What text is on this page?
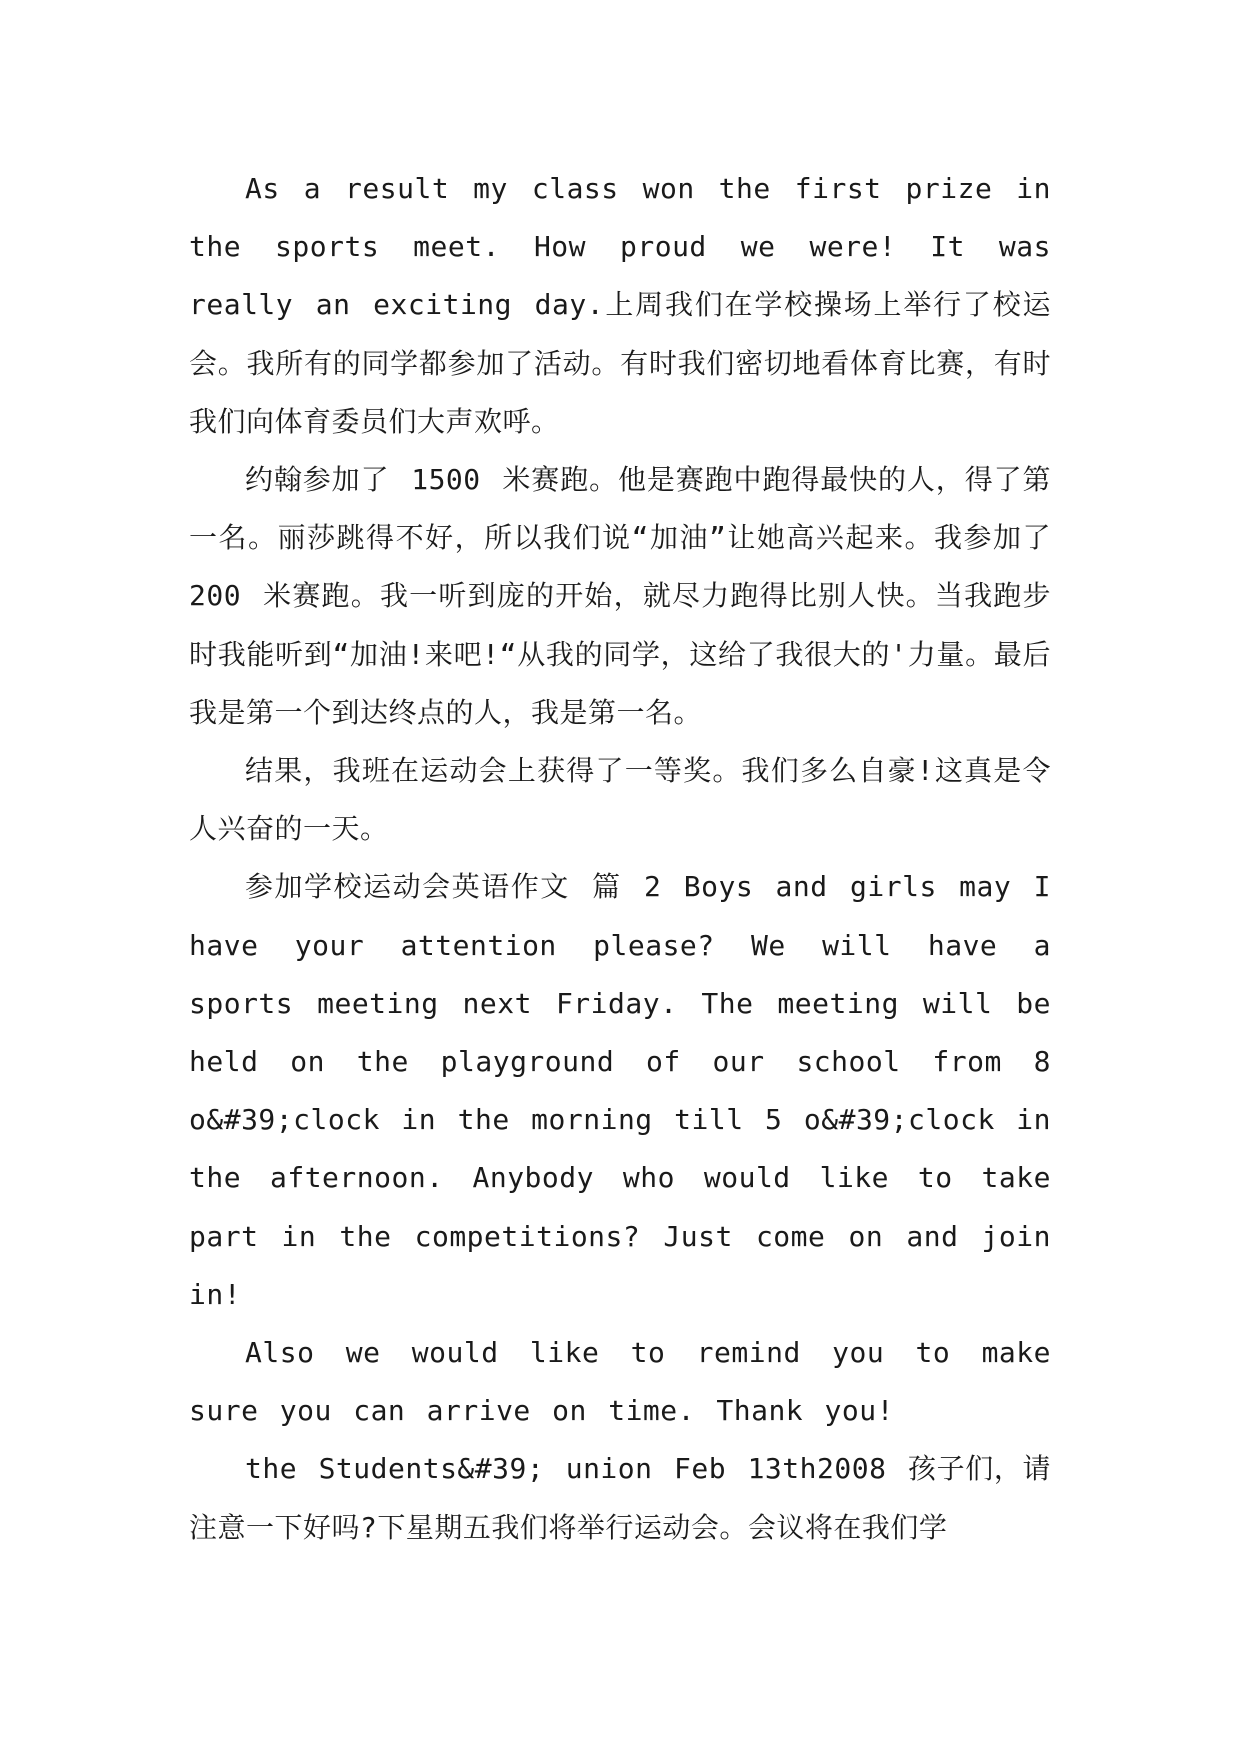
As a result my class won the first prize in the sports meet. How proud we were! It was really an exciting day.上周我们在学校操场上举行了校运会。我所有的同学都参加了活动。有时我们密切地看体育比赛，有时我们向体育委员们大声欢呼。

约翰参加了 1500 米赛跑。他是赛跑中跑得最快的人，得了第一名。丽莎跳得不好，所以我们说“加油”让她高兴起来。我参加了 200 米赛跑。我一听到庞的开始，就尽力跑得比别人快。当我跑步时我能听到“加油!来吧!“从我的同学，这给了我很大的'力量。最后我是第一个到达终点的人，我是第一名。

结果，我班在运动会上获得了一等奖。我们多么自豪!这真是令人兴奋的一天。

参加学校运动会英语作文 篇 2 Boys and girls may I have your attention please? We will have a sports meeting next Friday. The meeting will be held on the playground of our school from 8 o&#39;clock in the morning till 5 o&#39;clock in the afternoon. Anybody who would like to take part in the competitions? Just come on and join in!

Also we would like to remind you to make sure you can arrive on time. Thank you!

the Students&#39; union Feb 13th2008 孩子们，请注意一下好吗?下星期五我们将举行运动会。会议将在我们学
